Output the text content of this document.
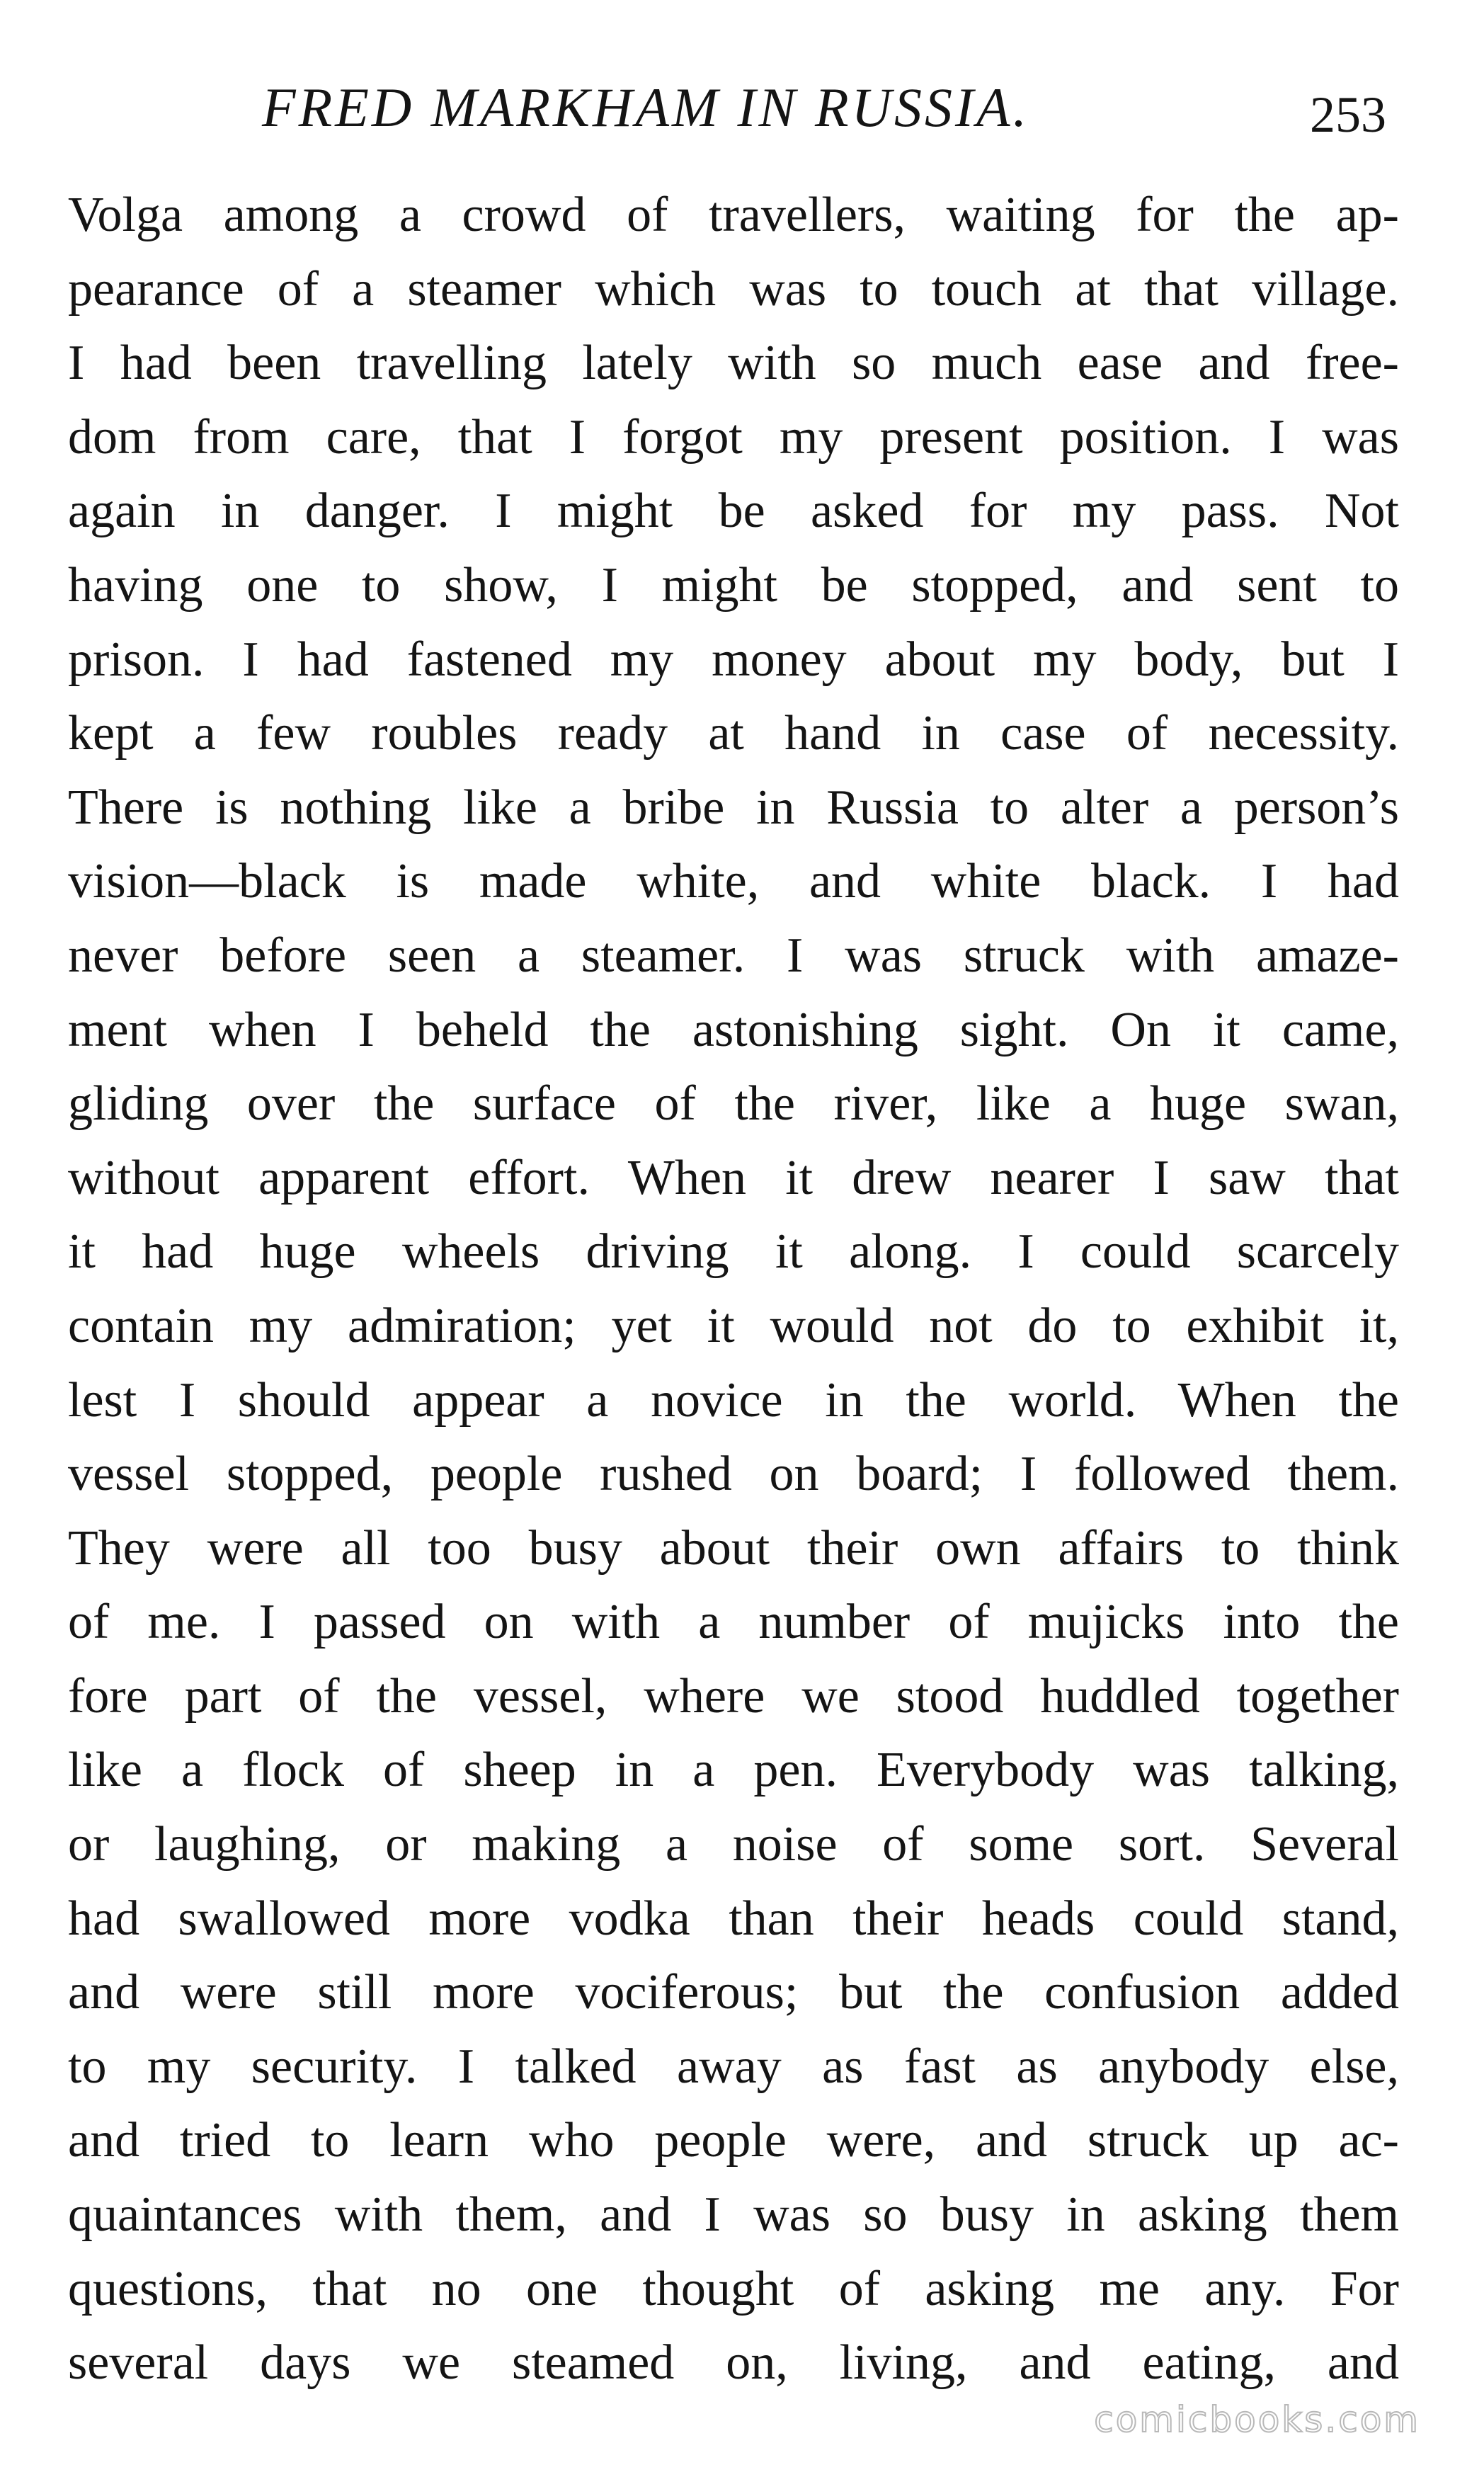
FRED MARKHAM IN RUSSIA.	253
Volga among a crowd of travellers, waiting for the ap-
pearance of a steamer which was to touch at that village.
I had been travelling lately with so much ease and free-
dom from care, that I forgot my present position. I was
again in danger. I might be asked for my pass. Not
having one to show, I might be stopped, and sent to
prison. I had fastened my money about my body, but I
kept a few roubles ready at hand in case of necessity.
There is nothing like a bribe in Russia to alter a person’s
vision—black is made white, and white black. I had
never before seen a steamer. I was struck with amaze-
ment when I beheld the astonishing sight. On it came,
gliding over the surface of the river, like a huge swan,
without apparent effort. When it drew nearer I saw that
it had huge wheels driving it along. I could scarcely
contain my admiration; yet it would not do to exhibit it,
lest I should appear a novice in the world. When the
vessel stopped, people rushed on board; I followed them.
They were all too busy about their own affairs to think
of me. I passed on with a number of mujicks into the
fore part of the vessel, where we stood huddled together
like a flock of sheep in a pen. Everybody was talking,
or laughing, or making a noise of some sort. Several
had swallowed more vodka than their heads could stand,
and were still more vociferous; but the confusion added
to my security. I talked away as fast as anybody else,
and tried to learn who people were, and struck up ac-
quaintances with them, and I was so busy in asking them
questions, that no one thought of asking me any. For
several days we steamed on, living, and eating, and
comicbooks.com
